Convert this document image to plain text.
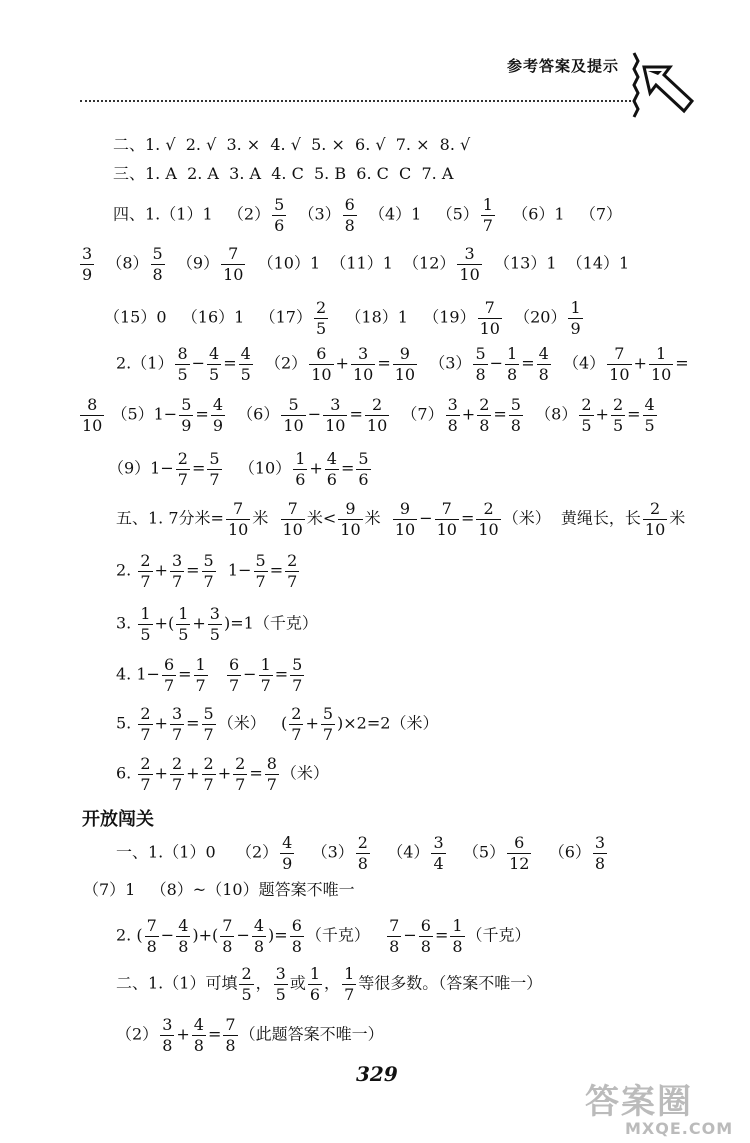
参考答案及提示
二、1. √  2. √  3. ×  4. √  5. ×  6. √  7. ×  8. √
三、1. A  2. A  3. A  4. C  5. B  6. C  C  7. A
四、1.（1）1   $(2) \frac{5}{6} (3) \frac{6}{8} (4)1$   $(5) \frac{1}{7} (6)1$   （7）
$\frac{3}{9} (8) \frac{5}{8} (9) \frac{7}{10} (10)1$  （11）1  $(12) \frac{3}{10} (13)1$  （14）1
（15）0   （16）1   $(17) \frac{2}{5} (18)1$   $(19) \frac{7}{10} (20) \frac{1}{9}$
$2.(1) \frac{8}{5} - \frac{4}{5} = \frac{4}{5} (2) \frac{6}{10} + \frac{3}{10} = \frac{9}{10} (3) \frac{5}{8} - \frac{1}{8} = \frac{4}{8} (4) \frac{7}{10} + \frac{1}{10}$ =
$\frac{8}{10} (5)1- \frac{5}{9} = \frac{4}{9} (6) \frac{5}{10} - \frac{3}{10} = \frac{2}{10} (7) \frac{3}{8} + \frac{2}{8} = \frac{5}{8} (8) \frac{2}{5} + \frac{2}{5} = \frac{4}{5}$
$(9)1- \frac{2}{7} = \frac{5}{7} (10) \frac{1}{6} + \frac{4}{6} = \frac{5}{6}$
五、1. 7分米= $\frac{7}{10}$ 米 $\frac{7}{10}$ 米< $\frac{9}{10}$ 米 $\frac{9}{10} - \frac{7}{10} = \frac{2}{10}$ （米）  黄绳长，长 $\frac{2}{10}$ 米
2. $\frac{2}{7} + \frac{3}{7} = \frac{5}{7} 1- \frac{5}{7} = \frac{2}{7}$
3. $\frac{1}{5}$ +( $\frac{1}{5} + \frac{3}{5} )=1$（千克）
4. $1- \frac{6}{7} = \frac{1}{7}$
$\frac{6}{7} - \frac{1}{7} = \frac{5}{7}$
5. $\frac{2}{7} + \frac{3}{7} = \frac{5}{7}$ （米）   ( $\frac{2}{7} + \frac{5}{7} )\times 2=2$（米）
6. $\frac{2}{7} + \frac{2}{7} + \frac{2}{7} + \frac{2}{7} = \frac{8}{7}$ （米）
开放闯关
一、1.（1）0    $(2) \frac{4}{9} (3) \frac{2}{8} (4) \frac{3}{4} (5) \frac{6}{12} (6) \frac{3}{8}$
（7）1   （8）~（10）题答案不唯一
2. ( $\frac{7}{8} - \frac{4}{8}$ )+( $\frac{7}{8} - \frac{4}{8}$ )= $\frac{6}{8}$ （千克） $\frac{7}{8} - \frac{6}{8} = \frac{1}{8}$ （千克）
二、1.（1）可填 $\frac{2}{5}$ ， $\frac{3}{5}$ 或 $\frac{1}{6}$ ， $\frac{1}{7}$ 等很多数。（答案不唯一）
$(2) \frac{3}{8} + \frac{4}{8} = \frac{7}{8}$ （此题答案不唯一）
329
答案圈
MXQE.COM
